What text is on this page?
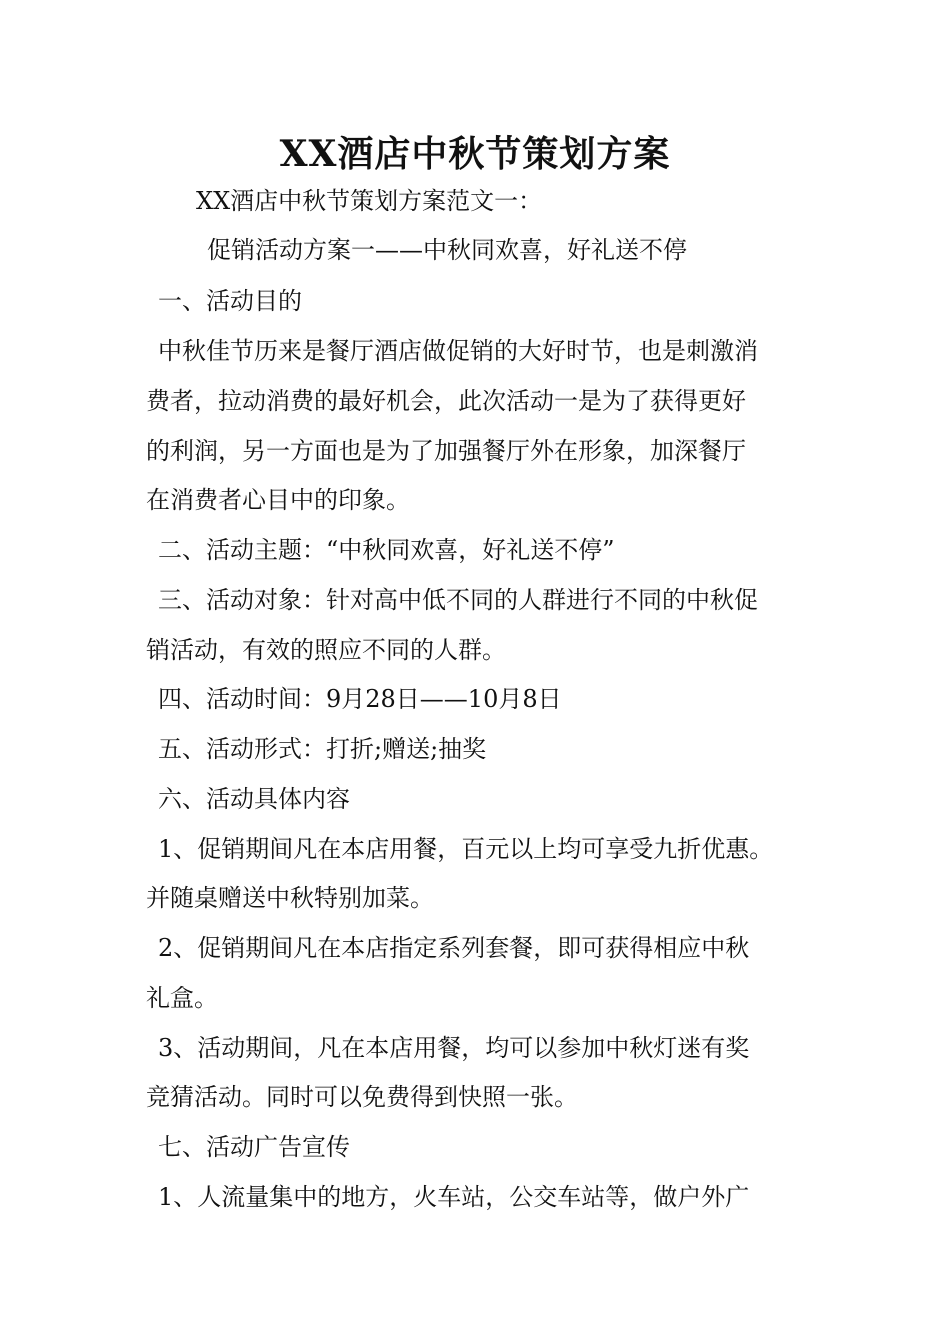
XX酒店中秋节策划方案
XX酒店中秋节策划方案范文一：
促销活动方案一——中秋同欢喜，好礼送不停
一、活动目的
中秋佳节历来是餐厅酒店做促销的大好时节，也是刺激消
费者，拉动消费的最好机会，此次活动一是为了获得更好
的利润，另一方面也是为了加强餐厅外在形象，加深餐厅
在消费者心目中的印象。
二、活动主题：“中秋同欢喜，好礼送不停”
三、活动对象：针对高中低不同的人群进行不同的中秋促
销活动，有效的照应不同的人群。
四、活动时间：9月28日——10月8日
五、活动形式：打折;赠送;抽奖
六、活动具体内容
1、促销期间凡在本店用餐，百元以上均可享受九折优惠。
并随桌赠送中秋特别加菜。
2、促销期间凡在本店指定系列套餐，即可获得相应中秋
礼盒。
3、活动期间，凡在本店用餐，均可以参加中秋灯迷有奖
竞猜活动。同时可以免费得到快照一张。
七、活动广告宣传
1、人流量集中的地方，火车站，公交车站等，做户外广
